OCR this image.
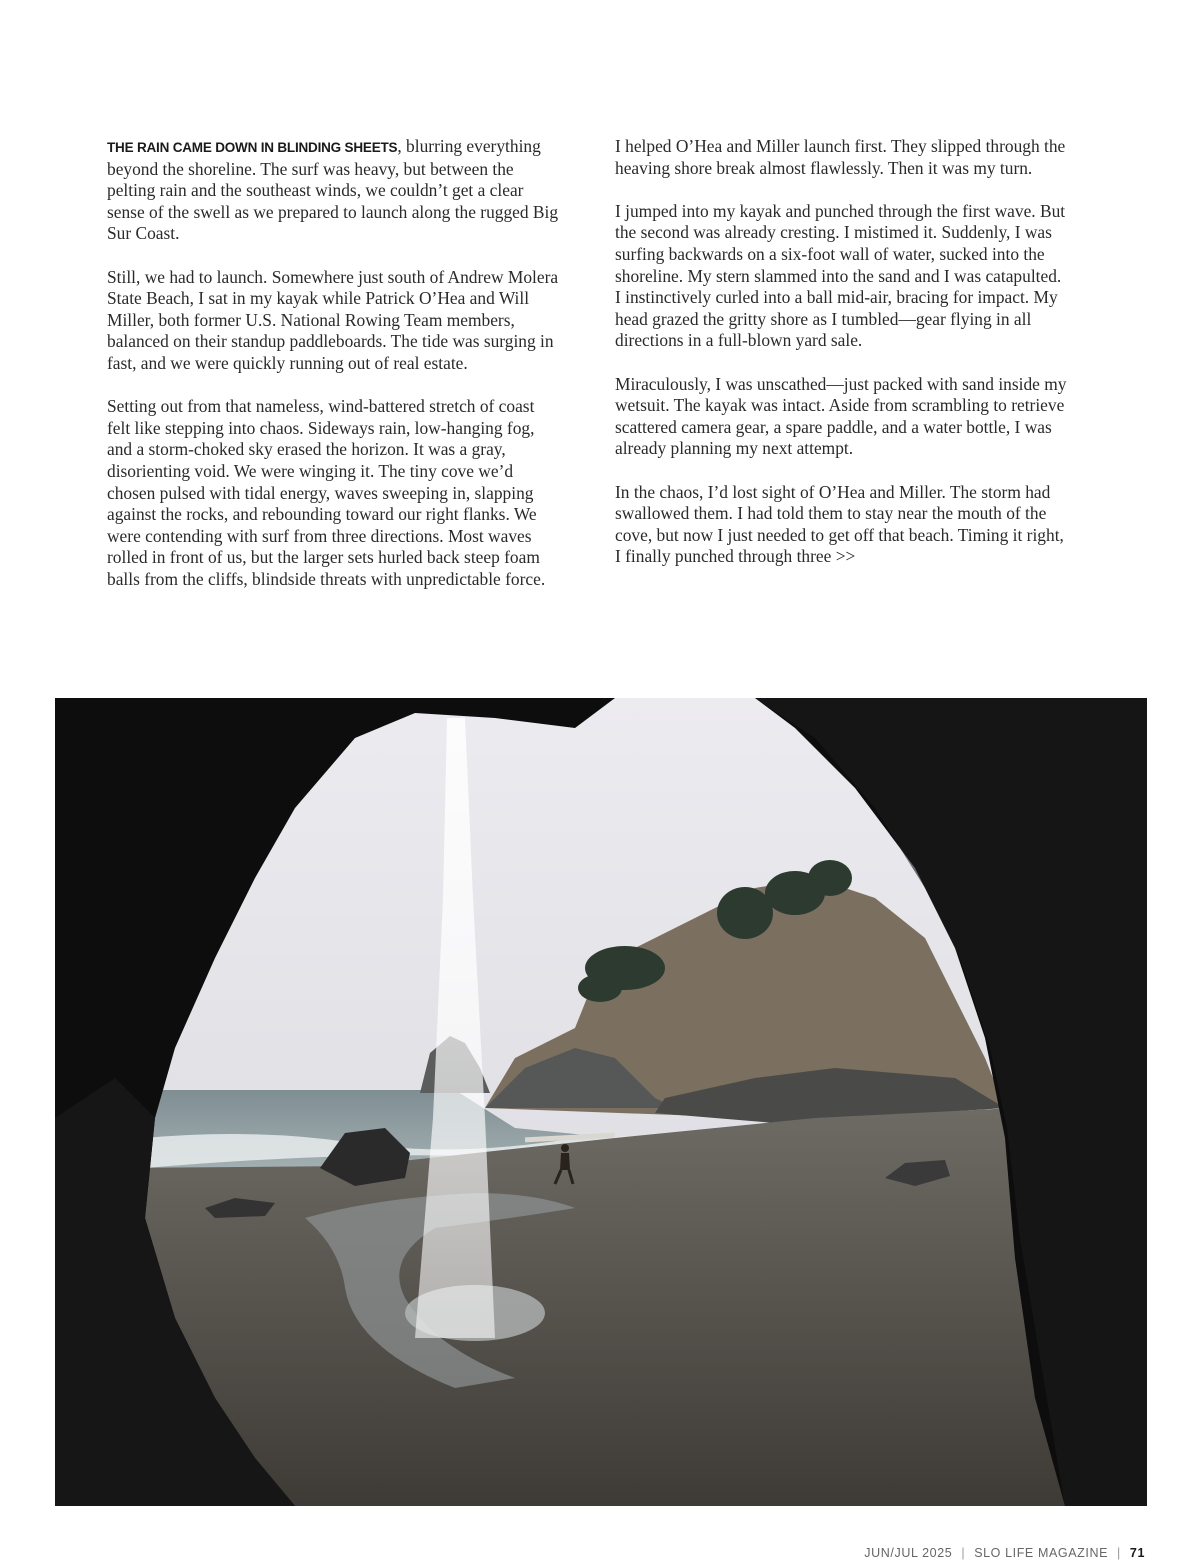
THE RAIN CAME DOWN IN BLINDING SHEETS, blurring everything beyond the shoreline. The surf was heavy, but between the pelting rain and the southeast winds, we couldn’t get a clear sense of the swell as we prepared to launch along the rugged Big Sur Coast.

Still, we had to launch. Somewhere just south of Andrew Molera State Beach, I sat in my kayak while Patrick O’Hea and Will Miller, both former U.S. National Rowing Team members, balanced on their standup paddleboards. The tide was surging in fast, and we were quickly running out of real estate.

Setting out from that nameless, wind-battered stretch of coast felt like stepping into chaos. Sideways rain, low-hanging fog, and a storm-choked sky erased the horizon. It was a gray, disorienting void. We were winging it. The tiny cove we’d chosen pulsed with tidal energy, waves sweeping in, slapping against the rocks, and rebounding toward our right flanks. We were contending with surf from three directions. Most waves rolled in front of us, but the larger sets hurled back steep foam balls from the cliffs, blindside threats with unpredictable force.

I helped O’Hea and Miller launch first. They slipped through the heaving shore break almost flawlessly. Then it was my turn.

I jumped into my kayak and punched through the first wave. But the second was already cresting. I mistimed it. Suddenly, I was surfing backwards on a six-foot wall of water, sucked into the shoreline. My stern slammed into the sand and I was catapulted. I instinctively curled into a ball mid-air, bracing for impact. My head grazed the gritty shore as I tumbled—gear flying in all directions in a full-blown yard sale.

Miraculously, I was unscathed—just packed with sand inside my wetsuit. The kayak was intact. Aside from scrambling to retrieve scattered camera gear, a spare paddle, and a water bottle, I was already planning my next attempt.

In the chaos, I’d lost sight of O’Hea and Miller. The storm had swallowed them. I had told them to stay near the mouth of the cove, but now I just needed to get off that beach. Timing it right, I finally punched through three >>

JUN/JUL 2025 | SLO LIFE MAGAZINE | 71
